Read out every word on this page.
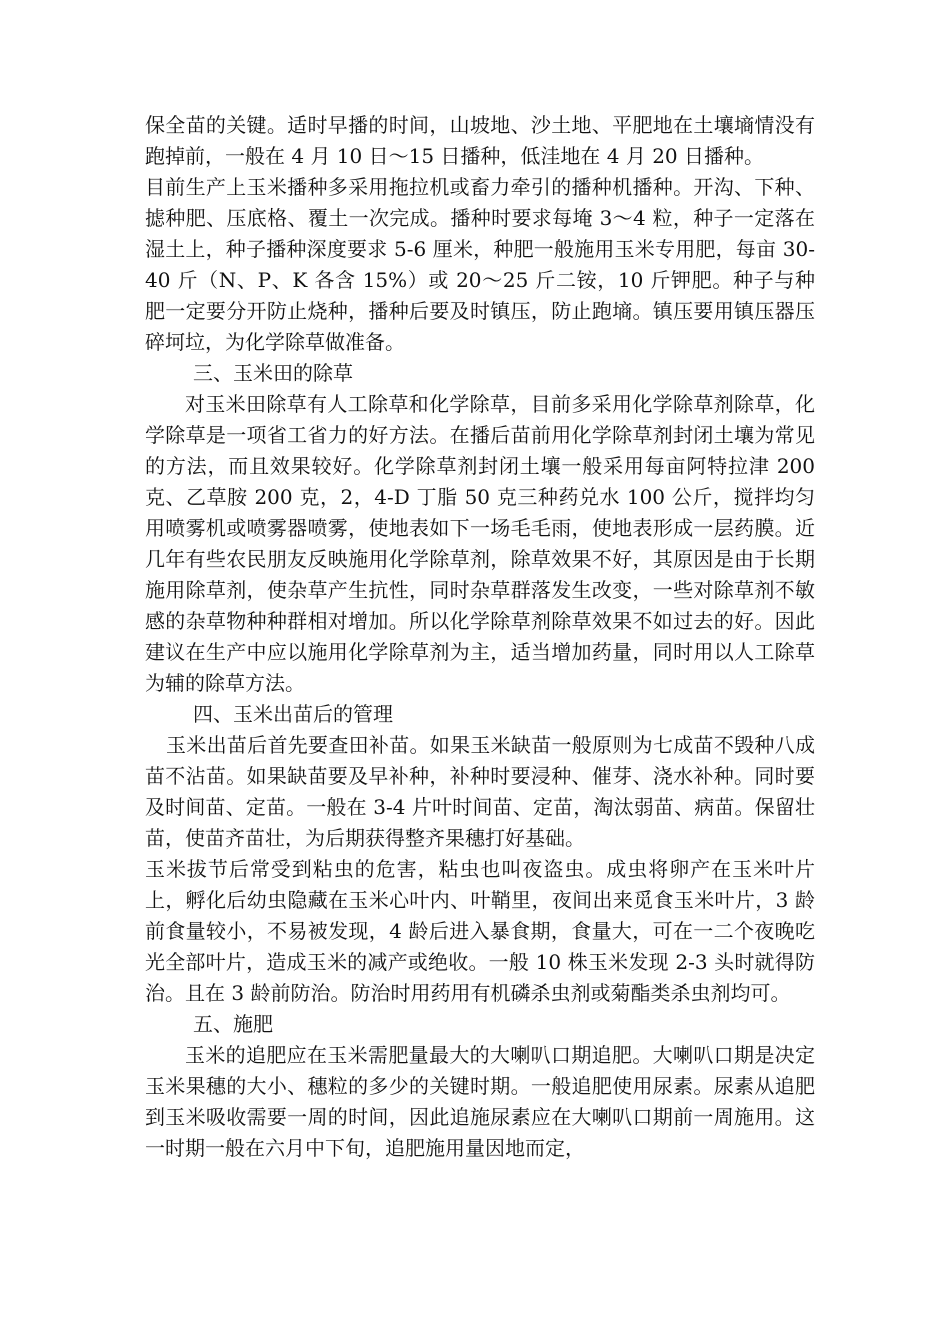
保全苗的关键。适时早播的时间，山坡地、沙土地、平肥地在土壤墒情没有跑掉前，一般在 4 月 10 日～15 日播种，低洼地在 4 月 20 日播种。

目前生产上玉米播种多采用拖拉机或畜力牵引的播种机播种。开沟、下种、摅种肥、压底格、覆土一次完成。播种时要求每埯 3～4 粒，种子一定落在湿土上，种子播种深度要求 5-6 厘米，种肥一般施用玉米专用肥，每亩 30-40 斤（N、P、K 各含 15%）或 20～25 斤二铵，10 斤钾肥。种子与种肥一定要分开防止烧种，播种后要及时镇压，防止跑墒。镇压要用镇压器压碎坷垃，为化学除草做准备。

三、玉米田的除草

对玉米田除草有人工除草和化学除草，目前多采用化学除草剂除草，化学除草是一项省工省力的好方法。在播后苗前用化学除草剂封闭土壤为常见的方法，而且效果较好。化学除草剂封闭土壤一般采用每亩阿特拉津 200 克、乙草胺 200 克，2，4-D 丁脂 50 克三种药兑水 100 公斤，搅拌均匀用喷雾机或喷雾器喷雾，使地表如下一场毛毛雨，使地表形成一层药膜。近几年有些农民朋友反映施用化学除草剂，除草效果不好，其原因是由于长期施用除草剂，使杂草产生抗性，同时杂草群落发生改变，一些对除草剂不敏感的杂草物种种群相对增加。所以化学除草剂除草效果不如过去的好。因此建议在生产中应以施用化学除草剂为主，适当增加药量，同时用以人工除草为辅的除草方法。

四、玉米出苗后的管理

玉米出苗后首先要查田补苗。如果玉米缺苗一般原则为七成苗不毁种八成苗不沾苗。如果缺苗要及早补种，补种时要浸种、催芽、浇水补种。同时要及时间苗、定苗。一般在 3-4 片叶时间苗、定苗，淘汰弱苗、病苗。保留壮苗，使苗齐苗壮，为后期获得整齐果穗打好基础。

玉米拔节后常受到粘虫的危害，粘虫也叫夜盗虫。成虫将卵产在玉米叶片上，孵化后幼虫隐藏在玉米心叶内、叶鞘里，夜间出来觅食玉米叶片，3 龄前食量较小，不易被发现，4 龄后进入暴食期，食量大，可在一二个夜晚吃光全部叶片，造成玉米的减产或绝收。一般 10 株玉米发现 2-3 头时就得防治。且在 3 龄前防治。防治时用药用有机磷杀虫剂或菊酯类杀虫剂均可。

五、施肥

玉米的追肥应在玉米需肥量最大的大喇叭口期追肥。大喇叭口期是决定玉米果穗的大小、穗粒的多少的关键时期。一般追肥使用尿素。尿素从追肥到玉米吸收需要一周的时间，因此追施尿素应在大喇叭口期前一周施用。这一时期一般在六月中下旬，追肥施用量因地而定，
